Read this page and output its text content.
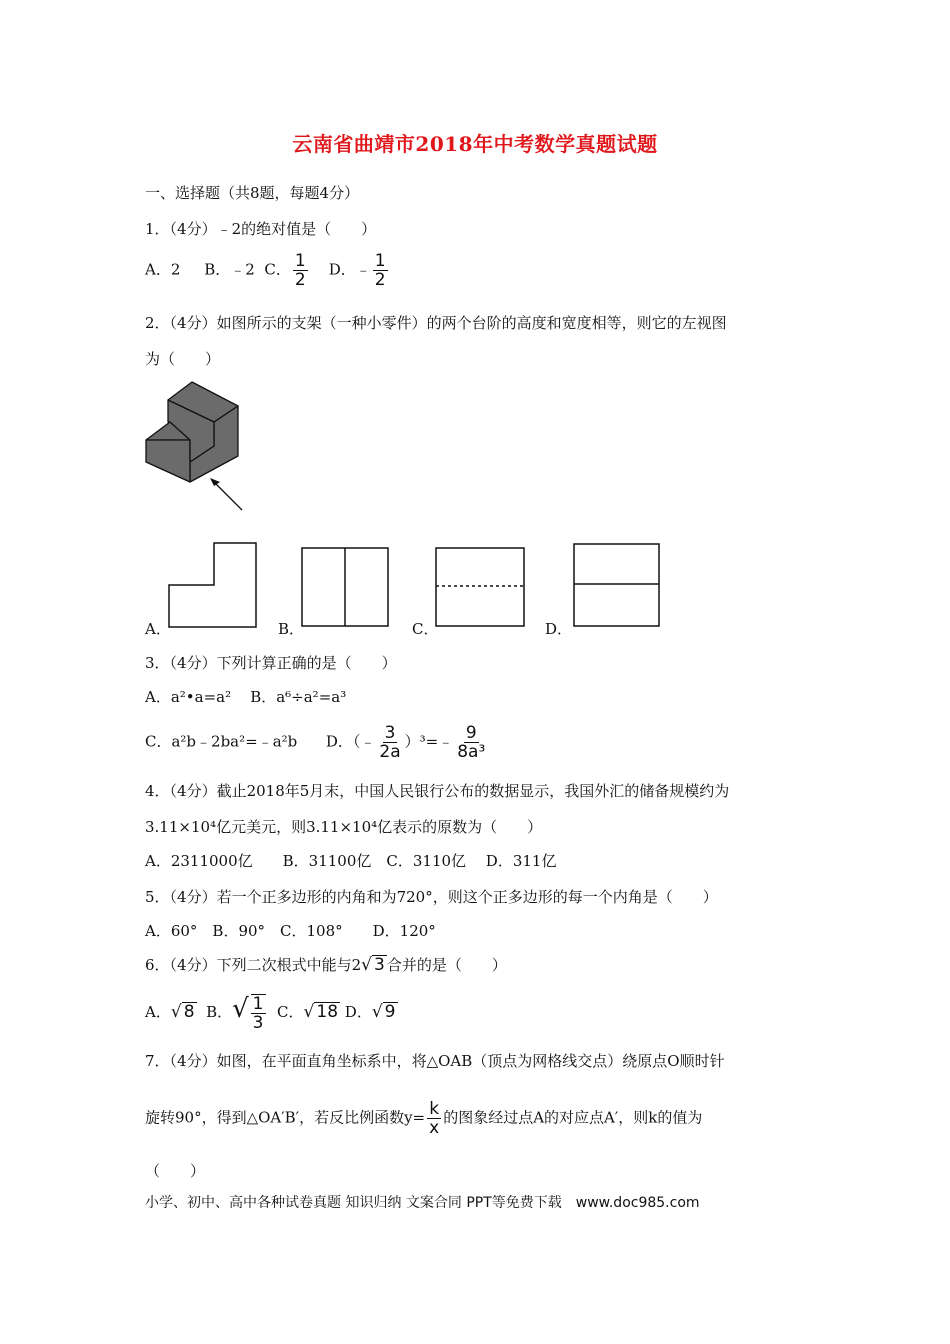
云南省曲靖市2018年中考数学真题试题
一、选择题（共8题，每题4分）
1．（4分）﹣2的绝对值是（　　）
A．2 B．﹣2 C． $\frac{1}{2}$ D．﹣ $\frac{1}{2}$
2．（4分）如图所示的支架（一种小零件）的两个台阶的高度和宽度相等，则它的左视图
为（　　）
A．	B．	C．	D．
3．（4分）下列计算正确的是（　　）
A．a²•a=a² B．a⁶÷a²=a³
C．a²b﹣2ba²=﹣a²b D．（﹣ $\frac{3}{2a}$ ）³=﹣ $\frac{9}{\text{8a³}}$
4．（4分）截止2018年5月末，中国人民银行公布的数据显示，我国外汇的储备规模约为
3.11×10⁴亿元美元，则3.11×10⁴亿表示的原数为（　　）
A．2311000亿　　B．31100亿　C．3110亿　 D．311亿
5．（4分）若一个正多边形的内角和为720°，则这个正多边形的每一个内角是（　　）
A．60°　B．90°　C．108°　　D．120°
6．（4分）下列二次根式中能与2√ 3 合并的是（　　）
A．√ 8 B．√ $\frac{1}{3}$ C．√ 18 D．√ 9
7．（4分）如图，在平面直角坐标系中，将△OAB（顶点为网格线交点）绕原点O顺时针
旋转90°，得到△OA′B′，若反比例函数$y= \frac{k}{x}$ 的图象经过点A的对应点A′，则k的值为
（　　）
小学、初中、高中各种试卷真题 知识归纳 文案合同 PPT等免费下载　www.doc985.com
